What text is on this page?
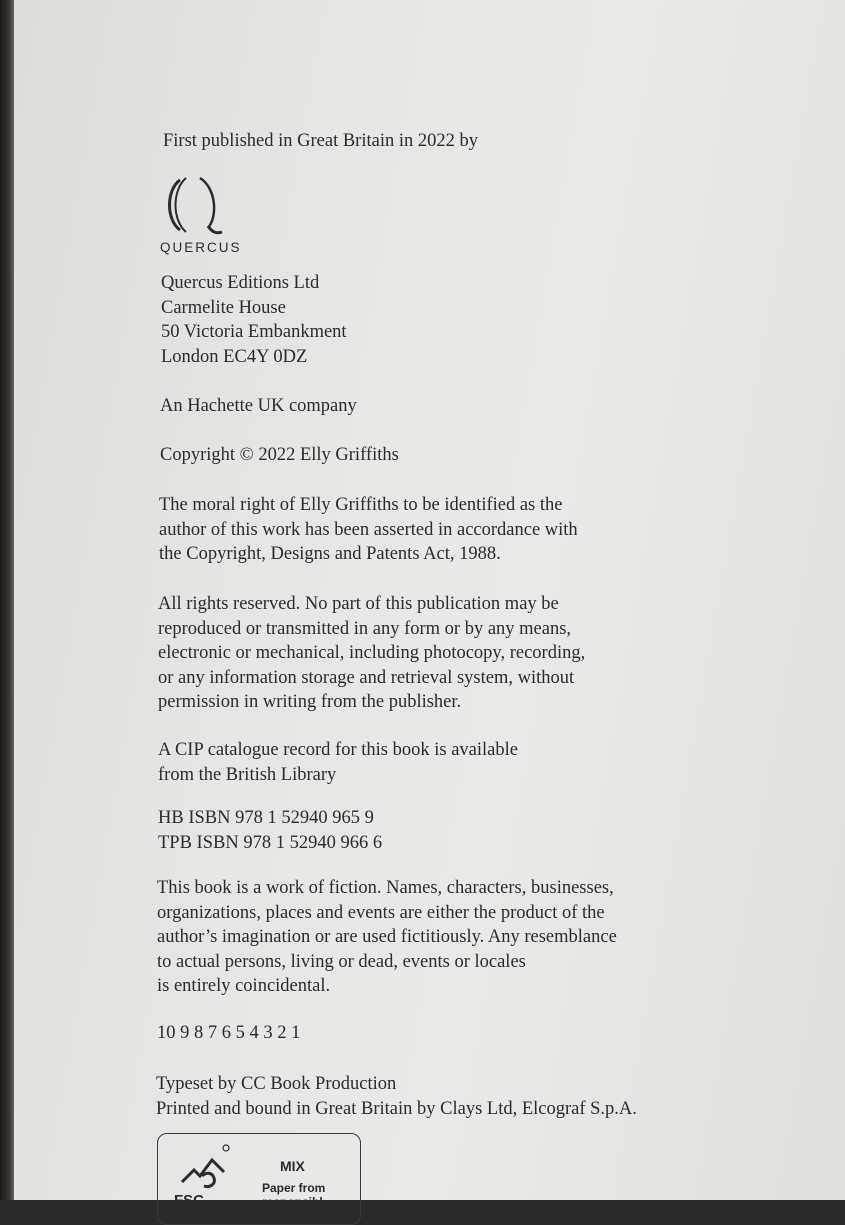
First published in Great Britain in 2022 by

QUERCUS
Quercus Editions Ltd
Carmelite House
50 Victoria Embankment
London EC4Y 0DZ

An Hachette UK company

Copyright © 2022 Elly Griffiths

The moral right of Elly Griffiths to be identified as the
author of this work has been asserted in accordance with
the Copyright, Designs and Patents Act, 1988.
All rights reserved. No part of this publication may be
reproduced or transmitted in any form or by any means,
electronic or mechanical, including photocopy, recording,
or any information storage and retrieval system, without
permission in writing from the publisher.
A CIP catalogue record for this book is available
from the British Library
HB ISBN 978 1 52940 965 9
TPB ISBN 978 1 52940 966 6
This book is a work of fiction. Names, characters, businesses,
organizations, places and events are either the product of the
author’s imagination or are used fictitiously. Any resemblance
to actual persons, living or dead, events or locales
is entirely coincidental.

10 9 8 7 6 5 4 3 2 1

Typeset by CC Book Production
Printed and bound in Great Britain by Clays Ltd, Elcograf S.p.A.
MIX
Paper from
responsibl
FSC
